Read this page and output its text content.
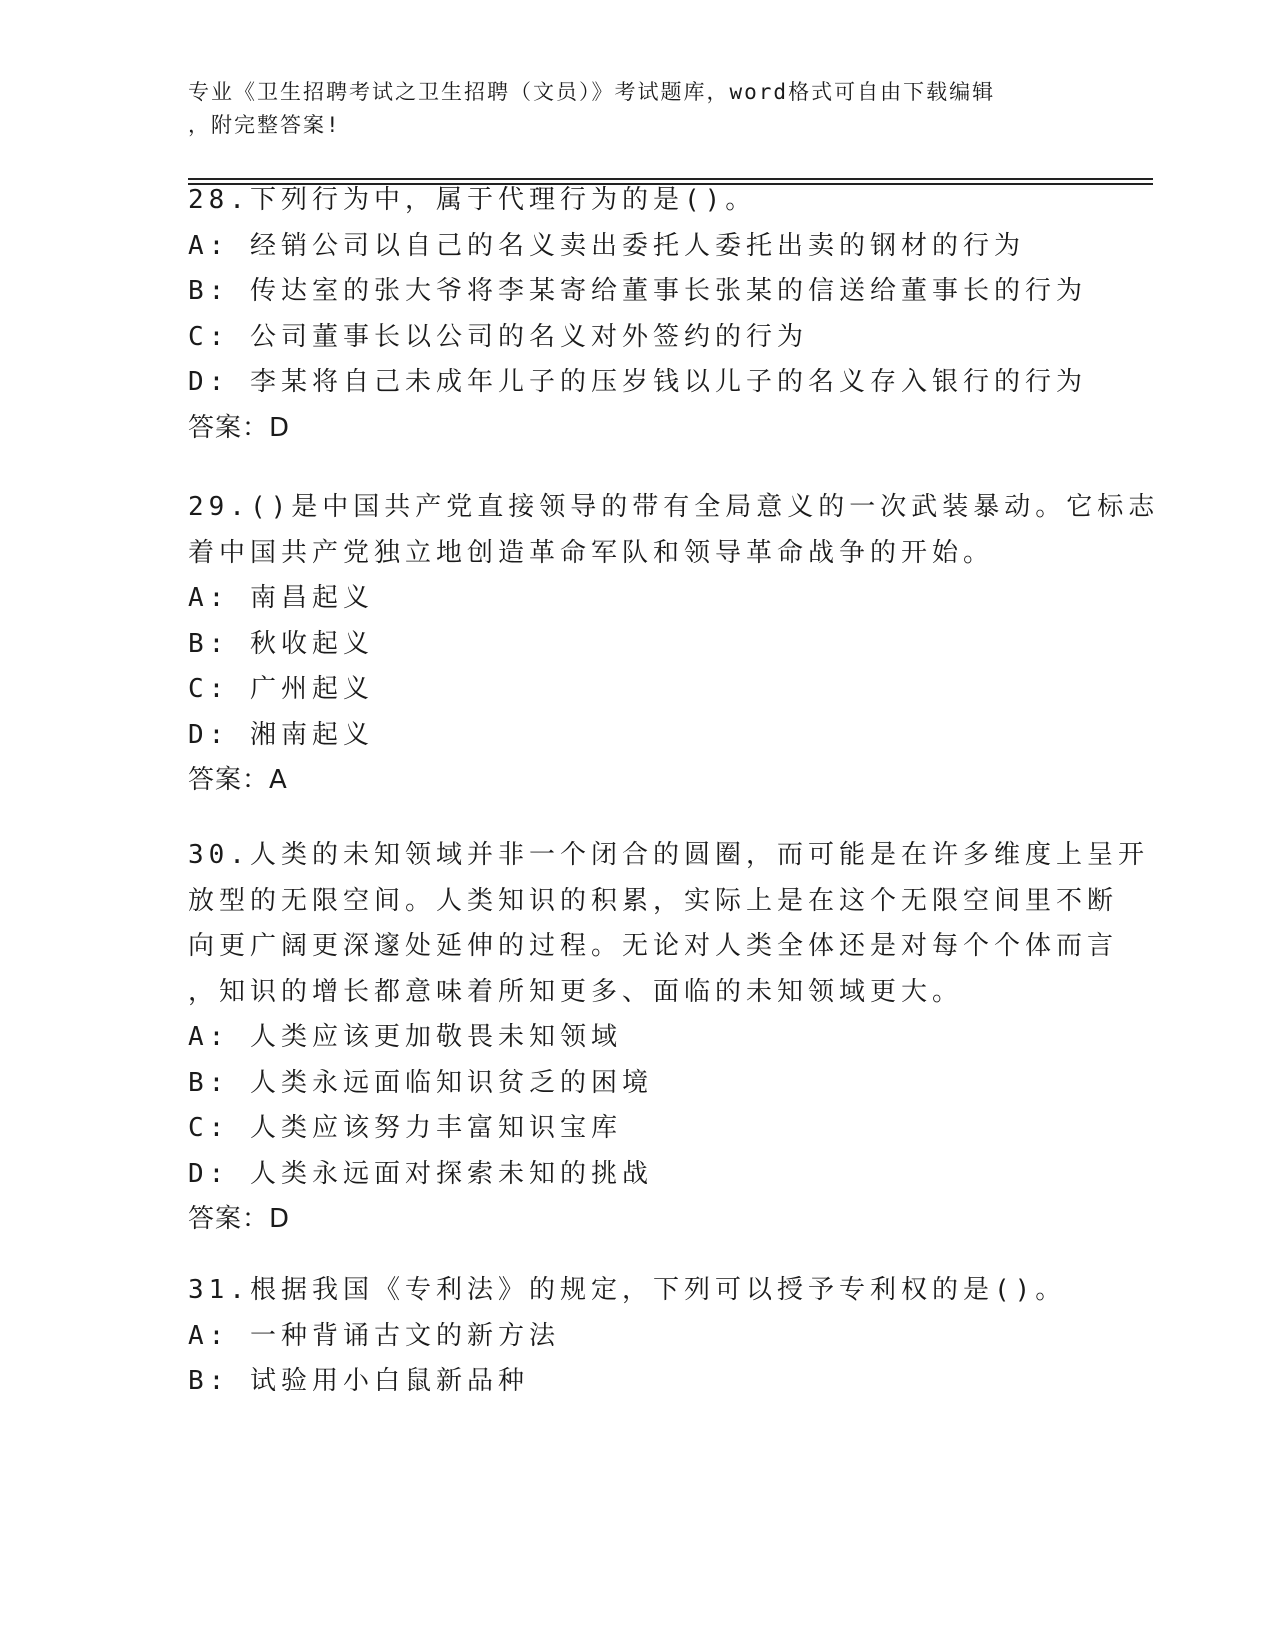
专业《卫生招聘考试之卫生招聘（文员）》考试题库，word格式可自由下载编辑
，附完整答案!
28.下列行为中，属于代理行为的是()。
A: 经销公司以自己的名义卖出委托人委托出卖的钢材的行为
B: 传达室的张大爷将李某寄给董事长张某的信送给董事长的行为
C: 公司董事长以公司的名义对外签约的行为
D: 李某将自己未成年儿子的压岁钱以儿子的名义存入银行的行为
答案：D
29.()是中国共产党直接领导的带有全局意义的一次武装暴动。它标志
着中国共产党独立地创造革命军队和领导革命战争的开始。
A: 南昌起义
B: 秋收起义
C: 广州起义
D: 湘南起义
答案：A
30.人类的未知领域并非一个闭合的圆圈，而可能是在许多维度上呈开
放型的无限空间。人类知识的积累，实际上是在这个无限空间里不断
向更广阔更深邃处延伸的过程。无论对人类全体还是对每个个体而言
，知识的增长都意味着所知更多、面临的未知领域更大。
A: 人类应该更加敬畏未知领域
B: 人类永远面临知识贫乏的困境
C: 人类应该努力丰富知识宝库
D: 人类永远面对探索未知的挑战
答案：D
31.根据我国《专利法》的规定，下列可以授予专利权的是()。
A: 一种背诵古文的新方法
B: 试验用小白鼠新品种
